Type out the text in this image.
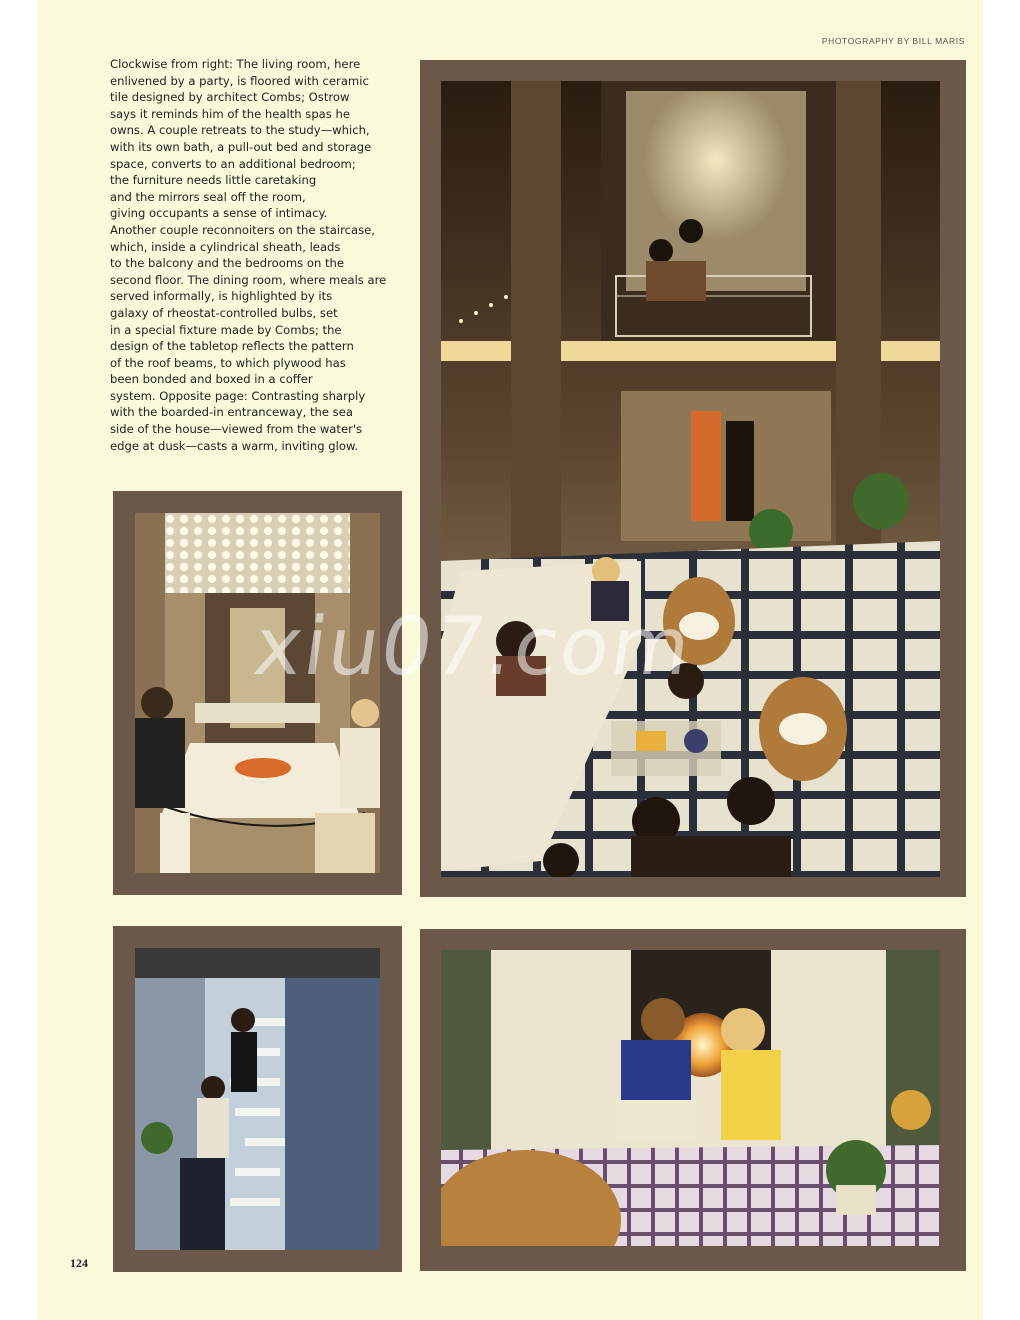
PHOTOGRAPHY BY BILL MARIS
Clockwise from right: The living room, here
enlivened by a party, is floored with ceramic
tile designed by architect Combs; Ostrow
says it reminds him of the health spas he
owns. A couple retreats to the study—which,
with its own bath, a pull-out bed and storage
space, converts to an additional bedroom;
the furniture needs little caretaking
and the mirrors seal off the room,
giving occupants a sense of intimacy.
Another couple reconnoiters on the staircase,
which, inside a cylindrical sheath, leads
to the balcony and the bedrooms on the
second floor. The dining room, where meals are
served informally, is highlighted by its
galaxy of rheostat-controlled bulbs, set
in a special fixture made by Combs; the
design of the tabletop reflects the pattern
of the roof beams, to which plywood has
been bonded and boxed in a coffer
system. Opposite page: Contrasting sharply
with the boarded-in entranceway, the sea
side of the house—viewed from the water's
edge at dusk—casts a warm, inviting glow.
xiu07.com
124
